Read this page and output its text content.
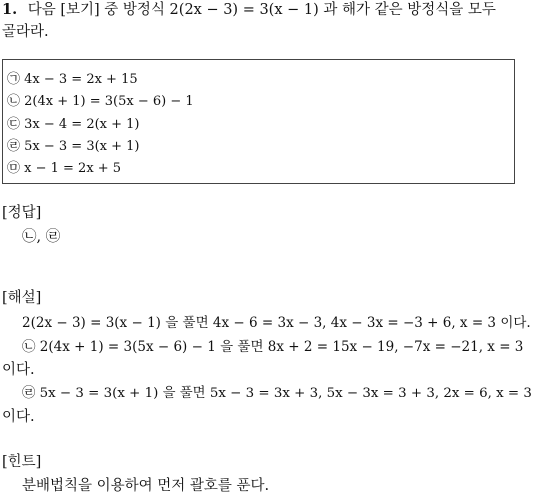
1. 다음 [보기] 중 방정식 2(2x − 3) = 3(x − 1) 과 해가 같은 방정식을 모두
골라라.
㉠ 4x − 3 = 2x + 15
㉡ 2(4x + 1) = 3(5x − 6) − 1
㉢ 3x − 4 = 2(x + 1)
㉣ 5x − 3 = 3(x + 1)
㉤ x − 1 = 2x + 5
[정답]
㉡, ㉣
[해설]
2(2x − 3) = 3(x − 1) 을 풀면 4x − 6 = 3x − 3, 4x − 3x = −3 + 6, x = 3 이다.
㉡ 2(4x + 1) = 3(5x − 6) − 1 을 풀면 8x + 2 = 15x − 19, −7x = −21, x = 3
이다.
㉣ 5x − 3 = 3(x + 1) 을 풀면 5x − 3 = 3x + 3, 5x − 3x = 3 + 3, 2x = 6, x = 3
이다.
[힌트]
분배법칙을 이용하여 먼저 괄호를 푼다.
